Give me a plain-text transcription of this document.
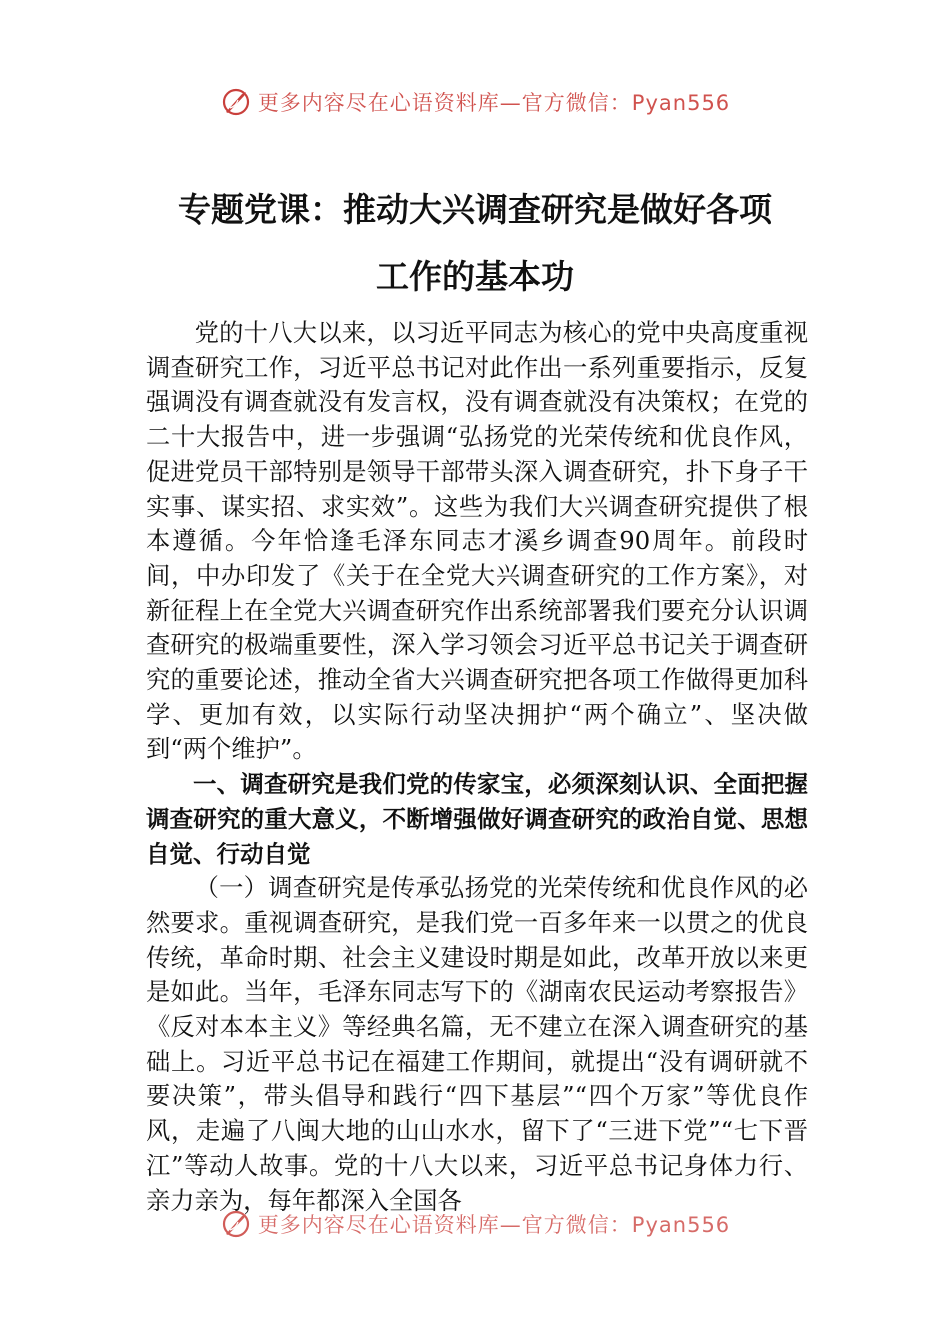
更多内容尽在心语资料库—官方微信：Pyan556
专题党课：推动大兴调查研究是做好各项
工作的基本功

党的十八大以来，以习近平同志为核心的党中央高度重视调查研究工作，习近平总书记对此作出一系列重要指示，反复强调没有调查就没有发言权，没有调查就没有决策权；在党的二十大报告中，进一步强调“弘扬党的光荣传统和优良作风，促进党员干部特别是领导干部带头深入调查研究，扑下身子干实事、谋实招、求实效”。这些为我们大兴调查研究提供了根本遵循。今年恰逢毛泽东同志才溪乡调查90周年。前段时间，中办印发了《关于在全党大兴调查研究的工作方案》，对新征程上在全党大兴调查研究作出系统部署我们要充分认识调查研究的极端重要性，深入学习领会习近平总书记关于调查研究的重要论述，推动全省大兴调查研究把各项工作做得更加科学、更加有效，以实际行动坚决拥护“两个确立”、坚决做到“两个维护”。

一、调查研究是我们党的传家宝，必须深刻认识、全面把握调查研究的重大意义，不断增强做好调查研究的政治自觉、思想自觉、行动自觉

（一）调查研究是传承弘扬党的光荣传统和优良作风的必然要求。重视调查研究，是我们党一百多年来一以贯之的优良传统，革命时期、社会主义建设时期是如此，改革开放以来更是如此。当年，毛泽东同志写下的《湖南农民运动考察报告》《反对本本主义》等经典名篇，无不建立在深入调查研究的基础上。习近平总书记在福建工作期间，就提出“没有调研就不要决策”，带头倡导和践行“四下基层”“四个万家”等优良作风，走遍了八闽大地的山山水水，留下了“三进下党”“七下晋江”等动人故事。党的十八大以来，习近平总书记身体力行、亲力亲为，每年都深入全国各

更多内容尽在心语资料库—官方微信：Pyan556
